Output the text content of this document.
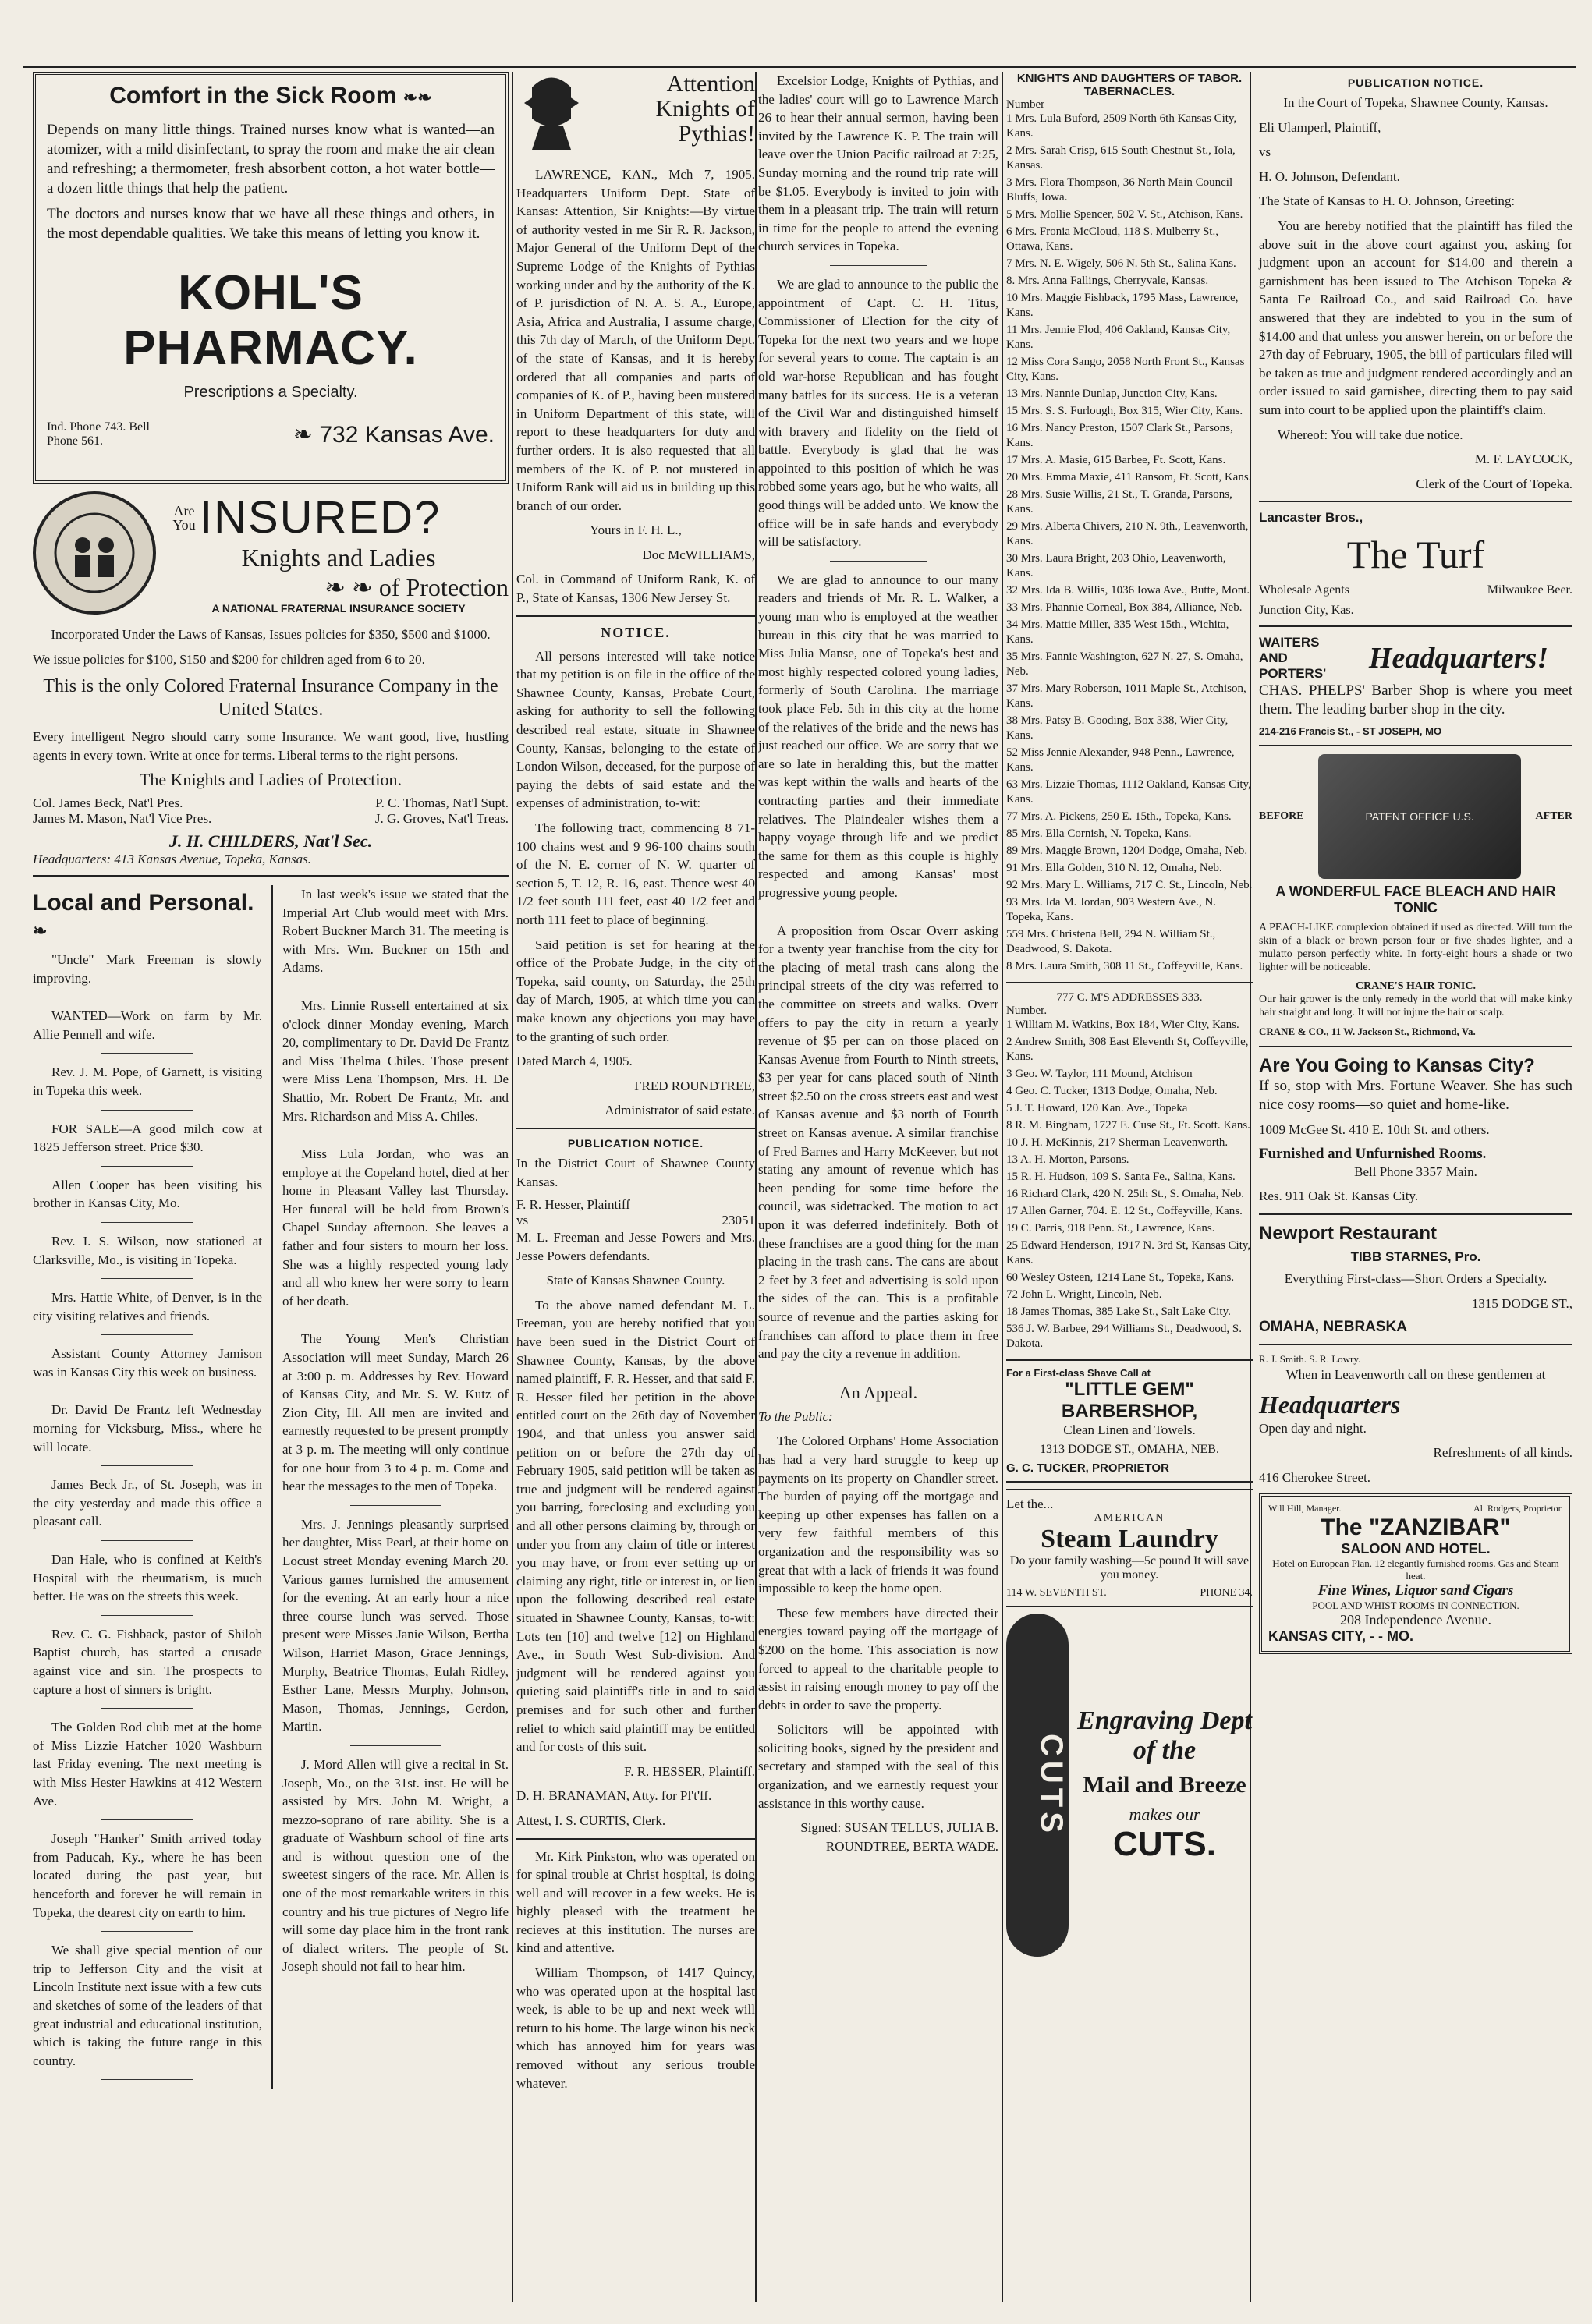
Comfort in the Sick Room ❧❧

Depends on many little things. Trained nurses know what is wanted—an atomizer, with a mild disinfectant, to spray the room and make the air clean and refreshing; a thermometer, fresh absorbent cotton, a hot water bottle—a dozen little things that help the patient.

The doctors and nurses know that we have all these things and others, in the most dependable qualities. We take this means of letting you know it.

KOHL'S PHARMACY.
Prescriptions a Specialty.
Ind. Phone 743. Bell Phone 561.	❧ 732 Kansas Ave.
Are You INSURED?
Knights and Ladies
❧ ❧ of Protection
A NATIONAL FRATERNAL INSURANCE SOCIETY

Incorporated Under the Laws of Kansas, Issues policies for $350, $500 and $1000.

We issue policies for $100, $150 and $200 for children aged from 6 to 20.

This is the only Colored Fraternal Insurance Company in the United States.

Every intelligent Negro should carry some Insurance. We want good, live, hustling agents in every town. Write at once for terms. Liberal terms to the right persons.

The Knights and Ladies of Protection.

Col. James Beck, Nat'l Pres.	P. C. Thomas, Nat'l Supt.
James M. Mason, Nat'l Vice Pres.	J. G. Groves, Nat'l Treas.
J. H. CHILDERS, Nat'l Sec.
Headquarters: 413 Kansas Avenue, Topeka, Kansas.
Local and Personal. ❧

"Uncle" Mark Freeman is slowly improving.

WANTED—Work on farm by Mr. Allie Pennell and wife.

Rev. J. M. Pope, of Garnett, is visiting in Topeka this week.

FOR SALE—A good milch cow at 1825 Jefferson street. Price $30.

Allen Cooper has been visiting his brother in Kansas City, Mo.

Rev. I. S. Wilson, now stationed at Clarksville, Mo., is visiting in Topeka.

Mrs. Hattie White, of Denver, is in the city visiting relatives and friends.

Assistant County Attorney Jamison was in Kansas City this week on business.

Dr. David De Frantz left Wednesday morning for Vicksburg, Miss., where he will locate.

James Beck Jr., of St. Joseph, was in the city yesterday and made this office a pleasant call.

Dan Hale, who is confined at Keith's Hospital with the rheumatism, is much better. He was on the streets this week.

Rev. C. G. Fishback, pastor of Shiloh Baptist church, has started a crusade against vice and sin. The prospects to capture a host of sinners is bright.

The Golden Rod club met at the home of Miss Lizzie Hatcher 1020 Washburn last Friday evening. The next meeting is with Miss Hester Hawkins at 412 Western Ave.

Joseph "Hanker" Smith arrived today from Paducah, Ky., where he has been located during the past year, but henceforth and forever he will remain in Topeka, the dearest city on earth to him.

We shall give special mention of our trip to Jefferson City and the visit at Lincoln Institute next issue with a few cuts and sketches of some of the leaders of that great industrial and educational institution, which is taking the future range in this country.

In last week's issue we stated that the Imperial Art Club would meet with Mrs. Robert Buckner March 31. The meeting is with Mrs. Wm. Buckner on 15th and Adams.

Mrs. Linnie Russell entertained at six o'clock dinner Monday evening, March 20, complimentary to Dr. David De Frantz and Miss Thelma Chiles. Those present were Miss Lena Thompson, Mrs. H. De Shattio, Mr. Robert De Frantz, Mr. and Mrs. Richardson and Miss A. Chiles.

Miss Lula Jordan, who was an employe at the Copeland hotel, died at her home in Pleasant Valley last Thursday. Her funeral will be held from Brown's Chapel Sunday afternoon. She leaves a father and four sisters to mourn her loss. She was a highly respected young lady and all who knew her were sorry to learn of her death.

The Young Men's Christian Association will meet Sunday, March 26 at 3:00 p. m. Addresses by Rev. Howard of Kansas City, and Mr. S. W. Kutz of Zion City, Ill. All men are invited and earnestly requested to be present promptly at 3 p. m. The meeting will only continue for one hour from 3 to 4 p. m. Come and hear the messages to the men of Topeka.

Mrs. J. Jennings pleasantly surprised her daughter, Miss Pearl, at their home on Locust street Monday evening March 20. Various games furnished the amusement for the evening. At an early hour a nice three course lunch was served. Those present were Misses Janie Wilson, Bertha Wilson, Harriet Mason, Grace Jennings, Murphy, Beatrice Thomas, Eulah Ridley, Esther Lane, Messrs Murphy, Johnson, Mason, Thomas, Jennings, Gerdon, Martin.

J. Mord Allen will give a recital in St. Joseph, Mo., on the 31st. inst. He will be assisted by Mrs. John M. Wright, a mezzo-soprano of rare ability. She is a graduate of Washburn school of fine arts and is without question one of the sweetest singers of the race. Mr. Allen is one of the most remarkable writers in this country and his true pictures of Negro life will some day place him in the front rank of dialect writers. The people of St. Joseph should not fail to hear him.

Attention
Knights of
Pythias!

LAWRENCE, KAN., Mch 7, 1905. Headquarters Uniform Dept. State of Kansas: Attention, Sir Knights:—By virtue of authority vested in me Sir R. R. Jackson, Major General of the Uniform Dept of the Supreme Lodge of the Knights of Pythias working under and by the authority of the K. of P. jurisdiction of N. A. S. A., Europe, Asia, Africa and Australia, I assume charge, this 7th day of March, of the Uniform Dept. of the state of Kansas, and it is hereby ordered that all companies and parts of companies of K. of P., having been mustered in Uniform Department of this state, will report to these headquarters for duty and further orders. It is also requested that all members of the K. of P. not mustered in Uniform Rank will aid us in building up this branch of our order.

Yours in F. H. L.,

Doc McWILLIAMS,

Col. in Command of Uniform Rank, K. of P., State of Kansas, 1306 New Jersey St.

NOTICE.

All persons interested will take notice that my petition is on file in the office of the Shawnee County, Kansas, Probate Court, asking for authority to sell the following described real estate, situate in Shawnee County, Kansas, belonging to the estate of London Wilson, deceased, for the purpose of paying the debts of said estate and the expenses of administration, to-wit:

The following tract, commencing 8 71-100 chains west and 9 96-100 chains south of the N. E. corner of N. W. quarter of section 5, T. 12, R. 16, east. Thence west 40 1/2 feet south 111 feet, east 40 1/2 feet and north 111 feet to place of beginning.

Said petition is set for hearing at the office of the Probate Judge, in the city of Topeka, said county, on Saturday, the 25th day of March, 1905, at which time you can make known any objections you may have to the granting of such order.

Dated March 4, 1905.

FRED ROUNDTREE,

Administrator of said estate.

PUBLICATION NOTICE.

In the District Court of Shawnee County Kansas.

F. R. Hesser, Plaintiff
vs	23051

M. L. Freeman and Jesse Powers and Mrs. Jesse Powers defendants.

State of Kansas Shawnee County.

To the above named defendant M. L. Freeman, you are hereby notified that you have been sued in the District Court of Shawnee County, Kansas, by the above named plaintiff, F. R. Hesser, and that said F. R. Hesser filed her petition in the above entitled court on the 26th day of November 1904, and that unless you answer said petition on or before the 27th day of February 1905, said petition will be taken as true and judgment will be rendered against you barring, foreclosing and excluding you and all other persons claiming by, through or under you from any claim of title or interest you may have, or from ever setting up or claiming any right, title or interest in, or lien upon the following described real estate situated in Shawnee County, Kansas, to-wit: Lots ten [10] and twelve [12] on Highland Ave., in South West Sub-division. And judgment will be rendered against you quieting said plaintiff's title in and to said premises and for such other and further relief to which said plaintiff may be entitled and for costs of this suit.

F. R. HESSER, Plaintiff.

D. H. BRANAMAN, Atty. for Pl't'ff.

Attest, I. S. CURTIS, Clerk.

Mr. Kirk Pinkston, who was operated on for spinal trouble at Christ hospital, is doing well and will recover in a few weeks. He is highly pleased with the treatment he recieves at this institution. The nurses are kind and attentive.

William Thompson, of 1417 Quincy, who was operated upon at the hospital last week, is able to be up and next week will return to his home. The large winon his neck which has annoyed him for years was removed without any serious trouble whatever.

Excelsior Lodge, Knights of Pythias, and the ladies' court will go to Lawrence March 26 to hear their annual sermon, having been invited by the Lawrence K. P. The train will leave over the Union Pacific railroad at 7:25, Sunday morning and the round trip rate will be $1.05. Everybody is invited to join with them in a pleasant trip. The train will return in time for the people to attend the evening church services in Topeka.

We are glad to announce to the public the appointment of Capt. C. H. Titus, Commissioner of Election for the city of Topeka for the next two years and we hope for several years to come. The captain is an old war-horse Republican and has fought many battles for its success. He is a veteran of the Civil War and distinguished himself with bravery and fidelity on the field of battle. Everybody is glad that he was appointed to this position of which he was robbed some years ago, but he who waits, all good things will be added unto. We know the office will be in safe hands and everybody will be satisfactory.

We are glad to announce to our many readers and friends of Mr. R. L. Walker, a young man who is employed at the weather bureau in this city that he was married to Miss Julia Manse, one of Topeka's best and most highly respected colored young ladies, formerly of South Carolina. The marriage took place Feb. 5th in this city at the home of the relatives of the bride and the news has just reached our office. We are sorry that we are so late in heralding this, but the matter was kept within the walls and hearts of the contracting parties and their immediate relatives. The Plaindealer wishes them a happy voyage through life and we predict the same for them as this couple is highly respected and among Kansas' most progressive young people.

A proposition from Oscar Overr asking for a twenty year franchise from the city for the placing of metal trash cans along the principal streets of the city was referred to the committee on streets and walks. Overr offers to pay the city in return a yearly revenue of $5 per can on those placed on Kansas Avenue from Fourth to Ninth streets, $3 per year for cans placed south of Ninth street $2.50 on the cross streets east and west of Kansas avenue and $3 north of Fourth street on Kansas avenue. A similar franchise of Fred Barnes and Harry McKeever, but not stating any amount of revenue which has been pending for some time before the council, was sidetracked. The motion to act upon it was deferred indefinitely. Both of these franchises are a good thing for the man placing in the trash cans. The cans are about 2 feet by 3 feet and advertising is sold upon the sides of the can. This is a profitable source of revenue and the parties asking for franchises can afford to place them in free and pay the city a revenue in addition.

An Appeal.

To the Public:

The Colored Orphans' Home Association has had a very hard struggle to keep up payments on its property on Chandler street. The burden of paying off the mortgage and keeping up other expenses has fallen on a very few faithful members of this organization and the responsibility was so great that with a lack of friends it was found impossible to keep the home open.

These few members have directed their energies toward paying off the mortgage of $200 on the home. This association is now forced to appeal to the charitable people to assist in raising enough money to pay off the debts in order to save the property.

Solicitors will be appointed with soliciting books, signed by the president and secretary and stamped with the seal of this organization, and we earnestly request your assistance in this worthy cause.

Signed: SUSAN TELLUS, JULIA B. ROUNDTREE, BERTA WADE.

KNIGHTS AND DAUGHTERS OF TABOR. TABERNACLES.
Number

1 Mrs. Lula Buford, 2509 North 6th Kansas City, Kans.

2 Mrs. Sarah Crisp, 615 South Chestnut St., Iola, Kansas.

3 Mrs. Flora Thompson, 36 North Main Council Bluffs, Iowa.

5 Mrs. Mollie Spencer, 502 V. St., Atchison, Kans.

6 Mrs. Fronia McCloud, 118 S. Mulberry St., Ottawa, Kans.

7 Mrs. N. E. Wigely, 506 N. 5th St., Salina Kans.

8. Mrs. Anna Fallings, Cherryvale, Kansas.

10 Mrs. Maggie Fishback, 1795 Mass, Lawrence, Kans.

11 Mrs. Jennie Flod, 406 Oakland, Kansas City, Kans.

12 Miss Cora Sango, 2058 North Front St., Kansas City, Kans.

13 Mrs. Nannie Dunlap, Junction City, Kans.

15 Mrs. S. S. Furlough, Box 315, Wier City, Kans.

16 Mrs. Nancy Preston, 1507 Clark St., Parsons, Kans.

17 Mrs. A. Masie, 615 Barbee, Ft. Scott, Kans.

20 Mrs. Emma Maxie, 411 Ransom, Ft. Scott, Kans.

28 Mrs. Susie Willis, 21 St., T. Granda, Parsons, Kans.

29 Mrs. Alberta Chivers, 210 N. 9th., Leavenworth, Kans.

30 Mrs. Laura Bright, 203 Ohio, Leavenworth, Kans.

32 Mrs. Ida B. Willis, 1036 Iowa Ave., Butte, Mont.

33 Mrs. Phannie Corneal, Box 384, Alliance, Neb.

34 Mrs. Mattie Miller, 335 West 15th., Wichita, Kans.

35 Mrs. Fannie Washington, 627 N. 27, S. Omaha, Neb.

37 Mrs. Mary Roberson, 1011 Maple St., Atchison, Kans.

38 Mrs. Patsy B. Gooding, Box 338, Wier City, Kans.

52 Miss Jennie Alexander, 948 Penn., Lawrence, Kans.

63 Mrs. Lizzie Thomas, 1112 Oakland, Kansas City, Kans.

77 Mrs. A. Pickens, 250 E. 15th., Topeka, Kans.

85 Mrs. Ella Cornish, N. Topeka, Kans.

89 Mrs. Maggie Brown, 1204 Dodge, Omaha, Neb.

91 Mrs. Ella Golden, 310 N. 12, Omaha, Neb.

92 Mrs. Mary L. Williams, 717 C. St., Lincoln, Neb.

93 Mrs. Ida M. Jordan, 903 Western Ave., N. Topeka, Kans.

559 Mrs. Christena Bell, 294 N. William St., Deadwood, S. Dakota.

8 Mrs. Laura Smith, 308 11 St., Coffeyville, Kans.

777 C. M'S ADDRESSES 333.
Number.

1 William M. Watkins, Box 184, Wier City, Kans.

2 Andrew Smith, 308 East Eleventh St, Coffeyville, Kans.

3 Geo. W. Taylor, 111 Mound, Atchison

4 Geo. C. Tucker, 1313 Dodge, Omaha, Neb.

5 J. T. Howard, 120 Kan. Ave., Topeka

8 R. M. Bingham, 1727 E. Cuse St., Ft. Scott. Kans.

10 J. H. McKinnis, 217 Sherman Leavenworth.

13 A. H. Morton, Parsons.

15 R. H. Hudson, 109 S. Santa Fe., Salina, Kans.

16 Richard Clark, 420 N. 25th St., S. Omaha, Neb.

17 Allen Garner, 704. E. 12 St., Coffeyville, Kans.

19 C. Parris, 918 Penn. St., Lawrence, Kans.

25 Edward Henderson, 1917 N. 3rd St, Kansas City, Kans.

60 Wesley Osteen, 1214 Lane St., Topeka, Kans.

72 John L. Wright, Lincoln, Neb.

18 James Thomas, 385 Lake St., Salt Lake City.

536 J. W. Barbee, 294 Williams St., Deadwood, S. Dakota.

For a First-class Shave Call at
"LITTLE GEM" BARBERSHOP,
Clean Linen and Towels.
1313 DODGE ST., OMAHA, NEB.
G. C. TUCKER, PROPRIETOR
Let the...
AMERICAN
Steam Laundry
Do your family washing—5c pound It will save you money.
114 W. SEVENTH ST.	PHONE 34.
CUTS
Engraving Dept of the
Mail and Breeze
makes our
CUTS.
PUBLICATION NOTICE.

In the Court of Topeka, Shawnee County, Kansas.

Eli Ulamperl, Plaintiff,

vs

H. O. Johnson, Defendant.

The State of Kansas to H. O. Johnson, Greeting:

You are hereby notified that the plaintiff has filed the above suit in the above court against you, asking for judgment upon an account for $14.00 and therein a garnishment has been issued to The Atchison Topeka & Santa Fe Railroad Co., and said Railroad Co. have answered that they are indebted to you in the sum of $14.00 and that unless you answer herein, on or before the 27th day of February, 1905, the bill of particulars filed will be taken as true and judgment rendered accordingly and an order issued to said garnishee, directing them to pay said sum into court to be applied upon the plaintiff's claim.

Whereof: You will take due notice.

M. F. LAYCOCK,

Clerk of the Court of Topeka.

Lancaster Bros.,
The Turf
Wholesale Agents	Milwaukee Beer.
Junction City, Kas.
WAITERS AND PORTERS'	Headquarters!

CHAS. PHELPS' Barber Shop is where you meet them. The leading barber shop in the city.

214-216 Francis St., - ST JOSEPH, MO
BEFORE	PATENT OFFICE U.S.	AFTER
A WONDERFUL FACE BLEACH AND HAIR TONIC

A PEACH-LIKE complexion obtained if used as directed. Will turn the skin of a black or brown person four or five shades lighter, and a mulatto person perfectly white. In forty-eight hours a shade or two lighter will be noticeable.

CRANE'S HAIR TONIC.

Our hair grower is the only remedy in the world that will make kinky hair straight and long. It will not injure the hair or scalp.

CRANE & CO., 11 W. Jackson St., Richmond, Va.
Are You Going to Kansas City?

If so, stop with Mrs. Fortune Weaver. She has such nice cosy rooms—so quiet and home-like.

1009 McGee St. 410 E. 10th St. and others.

Furnished and Unfurnished Rooms.

Bell Phone 3357 Main.

Res. 911 Oak St. Kansas City.

Newport Restaurant
TIBB STARNES, Pro.

Everything First-class—Short Orders a Specialty.

1315 DODGE ST.,

OMAHA, NEBRASKA
R. J. Smith. S. R. Lowry.

When in Leavenworth call on these gentlemen at

Headquarters

Open day and night.

Refreshments of all kinds.

416 Cherokee Street.

Will Hill, Manager.	Al. Rodgers, Proprietor.
The "ZANZIBAR"
SALOON AND HOTEL.
Hotel on European Plan. 12 elegantly furnished rooms. Gas and Steam heat.
Fine Wines, Liquor sand Cigars
POOL AND WHIST ROOMS IN CONNECTION.
208 Independence Avenue.
KANSAS CITY, - - MO.
